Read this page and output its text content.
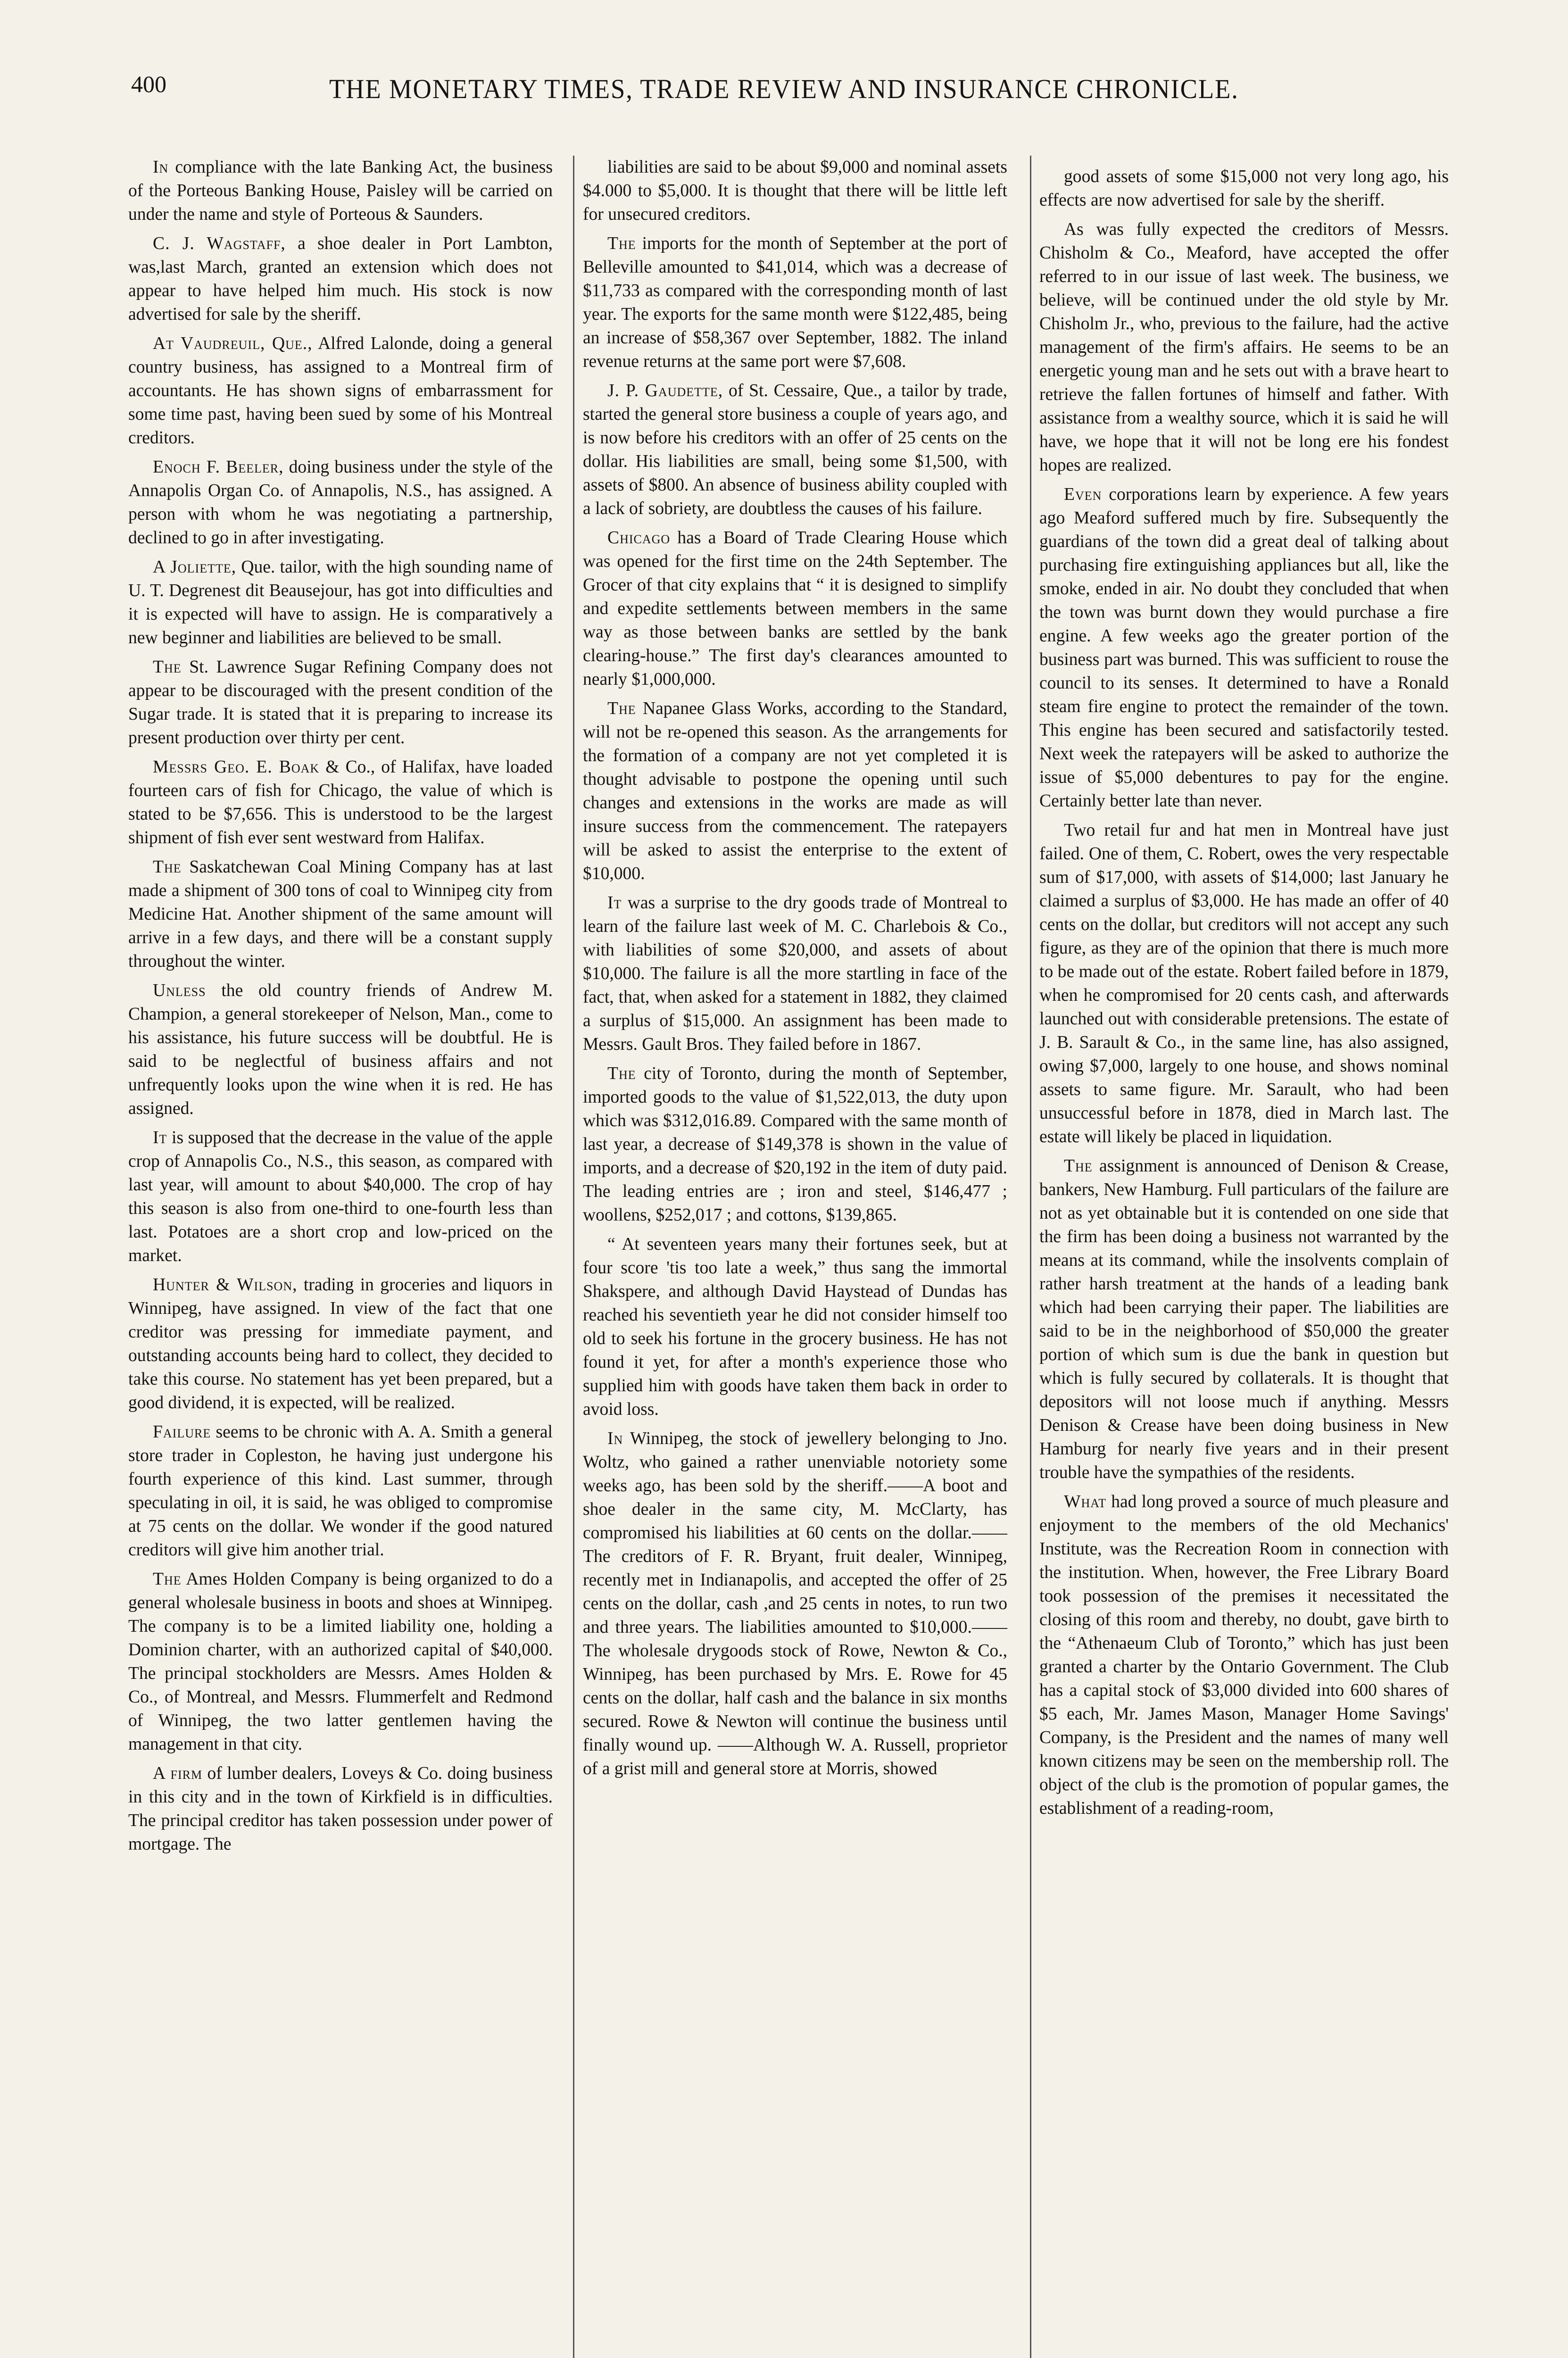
400	THE MONETARY TIMES, TRADE REVIEW AND INSURANCE CHRONICLE.

In compliance with the late Banking Act, the business of the Porteous Banking House, Paisley will be carried on under the name and style of Porteous & Saunders.

C. J. Wagstaff, a shoe dealer in Port Lambton, was,last March, granted an extension which does not appear to have helped him much. His stock is now advertised for sale by the sheriff.

At Vaudreuil, Que., Alfred Lalonde, doing a general country business, has assigned to a Montreal firm of accountants. He has shown signs of embarrassment for some time past, having been sued by some of his Montreal creditors.

Enoch F. Beeler, doing business under the style of the Annapolis Organ Co. of Annapolis, N.S., has assigned. A person with whom he was negotiating a partnership, declined to go in after investigating.

A Joliette, Que. tailor, with the high sounding name of U. T. Degrenest dit Beausejour, has got into difficulties and it is expected will have to assign. He is comparatively a new beginner and liabilities are believed to be small.

The St. Lawrence Sugar Refining Company does not appear to be discouraged with the present condition of the Sugar trade. It is stated that it is preparing to increase its present production over thirty per cent.

Messrs Geo. E. Boak & Co., of Halifax, have loaded fourteen cars of fish for Chicago, the value of which is stated to be $7,656. This is understood to be the largest shipment of fish ever sent westward from Halifax.

The Saskatchewan Coal Mining Company has at last made a shipment of 300 tons of coal to Winnipeg city from Medicine Hat. Another shipment of the same amount will arrive in a few days, and there will be a constant supply throughout the winter.

Unless the old country friends of Andrew M. Champion, a general storekeeper of Nelson, Man., come to his assistance, his future success will be doubtful. He is said to be neglectful of business affairs and not unfrequently looks upon the wine when it is red. He has assigned.

It is supposed that the decrease in the value of the apple crop of Annapolis Co., N.S., this season, as compared with last year, will amount to about $40,000. The crop of hay this season is also from one-third to one-fourth less than last. Potatoes are a short crop and low-priced on the market.

Hunter & Wilson, trading in groceries and liquors in Winnipeg, have assigned. In view of the fact that one creditor was pressing for immediate payment, and outstanding accounts being hard to collect, they decided to take this course. No statement has yet been prepared, but a good dividend, it is expected, will be realized.

Failure seems to be chronic with A. A. Smith a general store trader in Copleston, he having just undergone his fourth experience of this kind. Last summer, through speculating in oil, it is said, he was obliged to compromise at 75 cents on the dollar. We wonder if the good natured creditors will give him another trial.

The Ames Holden Company is being organized to do a general wholesale business in boots and shoes at Winnipeg. The company is to be a limited liability one, holding a Dominion charter, with an authorized capital of $40,000. The principal stockholders are Messrs. Ames Holden & Co., of Montreal, and Messrs. Flummerfelt and Redmond of Winnipeg, the two latter gentlemen having the management in that city.

A firm of lumber dealers, Loveys & Co. doing business in this city and in the town of Kirkfield is in difficulties. The principal creditor has taken possession under power of mortgage. The

liabilities are said to be about $9,000 and nominal assets $4.000 to $5,000. It is thought that there will be little left for unsecured creditors.

The imports for the month of September at the port of Belleville amounted to $41,014, which was a decrease of $11,733 as compared with the corresponding month of last year. The exports for the same month were $122,485, being an increase of $58,367 over September, 1882. The inland revenue returns at the same port were $7,608.

J. P. Gaudette, of St. Cessaire, Que., a tailor by trade, started the general store business a couple of years ago, and is now before his creditors with an offer of 25 cents on the dollar. His liabilities are small, being some $1,500, with assets of $800. An absence of business ability coupled with a lack of sobriety, are doubtless the causes of his failure.

Chicago has a Board of Trade Clearing House which was opened for the first time on the 24th September. The Grocer of that city explains that “ it is designed to simplify and expedite settlements between members in the same way as those between banks are settled by the bank clearing-house.” The first day's clearances amounted to nearly $1,000,000.

The Napanee Glass Works, according to the Standard, will not be re-opened this season. As the arrangements for the formation of a company are not yet completed it is thought advisable to postpone the opening until such changes and extensions in the works are made as will insure success from the commencement. The ratepayers will be asked to assist the enterprise to the extent of $10,000.

It was a surprise to the dry goods trade of Montreal to learn of the failure last week of M. C. Charlebois & Co., with liabilities of some $20,000, and assets of about $10,000. The failure is all the more startling in face of the fact, that, when asked for a statement in 1882, they claimed a surplus of $15,000. An assignment has been made to Messrs. Gault Bros. They failed before in 1867.

The city of Toronto, during the month of September, imported goods to the value of $1,522,013, the duty upon which was $312,016.89. Compared with the same month of last year, a decrease of $149,378 is shown in the value of imports, and a decrease of $20,192 in the item of duty paid. The leading entries are ; iron and steel, $146,477 ; woollens, $252,017 ; and cottons, $139,865.

“ At seventeen years many their fortunes seek, but at four score 'tis too late a week,” thus sang the immortal Shakspere, and although David Haystead of Dundas has reached his seventieth year he did not consider himself too old to seek his fortune in the grocery business. He has not found it yet, for after a month's experience those who supplied him with goods have taken them back in order to avoid loss.

In Winnipeg, the stock of jewellery belonging to Jno. Woltz, who gained a rather unenviable notoriety some weeks ago, has been sold by the sheriff.——A boot and shoe dealer in the same city, M. McClarty, has compromised his liabilities at 60 cents on the dollar.——The creditors of F. R. Bryant, fruit dealer, Winnipeg, recently met in Indianapolis, and accepted the offer of 25 cents on the dollar, cash ,and 25 cents in notes, to run two and three years. The liabilities amounted to $10,000.——The wholesale drygoods stock of Rowe, Newton & Co., Winnipeg, has been purchased by Mrs. E. Rowe for 45 cents on the dollar, half cash and the balance in six months secured. Rowe & Newton will continue the business until finally wound up. ——Although W. A. Russell, proprietor of a grist mill and general store at Morris, showed

good assets of some $15,000 not very long ago, his effects are now advertised for sale by the sheriff.

As was fully expected the creditors of Messrs. Chisholm & Co., Meaford, have accepted the offer referred to in our issue of last week. The business, we believe, will be continued under the old style by Mr. Chisholm Jr., who, previous to the failure, had the active management of the firm's affairs. He seems to be an energetic young man and he sets out with a brave heart to retrieve the fallen fortunes of himself and father. With assistance from a wealthy source, which it is said he will have, we hope that it will not be long ere his fondest hopes are realized.

Even corporations learn by experience. A few years ago Meaford suffered much by fire. Subsequently the guardians of the town did a great deal of talking about purchasing fire extinguishing appliances but all, like the smoke, ended in air. No doubt they concluded that when the town was burnt down they would purchase a fire engine. A few weeks ago the greater portion of the business part was burned. This was sufficient to rouse the council to its senses. It determined to have a Ronald steam fire engine to protect the remainder of the town. This engine has been secured and satisfactorily tested. Next week the ratepayers will be asked to authorize the issue of $5,000 debentures to pay for the engine. Certainly better late than never.

Two retail fur and hat men in Montreal have just failed. One of them, C. Robert, owes the very respectable sum of $17,000, with assets of $14,000; last January he claimed a surplus of $3,000. He has made an offer of 40 cents on the dollar, but creditors will not accept any such figure, as they are of the opinion that there is much more to be made out of the estate. Robert failed before in 1879, when he compromised for 20 cents cash, and afterwards launched out with considerable pretensions. The estate of J. B. Sarault & Co., in the same line, has also assigned, owing $7,000, largely to one house, and shows nominal assets to same figure. Mr. Sarault, who had been unsuccessful before in 1878, died in March last. The estate will likely be placed in liquidation.

The assignment is announced of Denison & Crease, bankers, New Hamburg. Full particulars of the failure are not as yet obtainable but it is contended on one side that the firm has been doing a business not warranted by the means at its command, while the insolvents complain of rather harsh treatment at the hands of a leading bank which had been carrying their paper. The liabilities are said to be in the neighborhood of $50,000 the greater portion of which sum is due the bank in question but which is fully secured by collaterals. It is thought that depositors will not loose much if anything. Messrs Denison & Crease have been doing business in New Hamburg for nearly five years and in their present trouble have the sympathies of the residents.

What had long proved a source of much pleasure and enjoyment to the members of the old Mechanics' Institute, was the Recreation Room in connection with the institution. When, however, the Free Library Board took possession of the premises it necessitated the closing of this room and thereby, no doubt, gave birth to the “Athenaeum Club of Toronto,” which has just been granted a charter by the Ontario Government. The Club has a capital stock of $3,000 divided into 600 shares of $5 each, Mr. James Mason, Manager Home Savings' Company, is the President and the names of many well known citizens may be seen on the membership roll. The object of the club is the promotion of popular games, the establishment of a reading-room,
